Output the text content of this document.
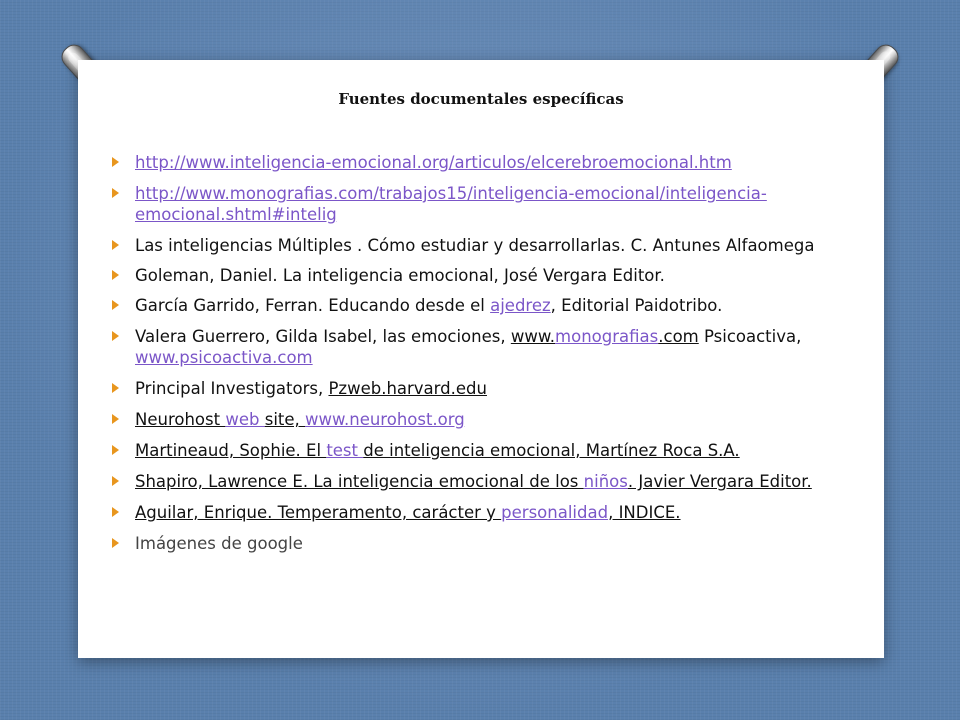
Fuentes documentales específicas
http://www.inteligencia-emocional.org/articulos/elcerebroemocional.htm
http://www.monografias.com/trabajos15/inteligencia-emocional/inteligencia-emocional.shtml#intelig
Las inteligencias Múltiples . Cómo estudiar y desarrollarlas. C. Antunes Alfaomega
Goleman, Daniel. La inteligencia emocional, José Vergara Editor.
García Garrido, Ferran. Educando desde el ajedrez, Editorial Paidotribo.
Valera Guerrero, Gilda Isabel, las emociones, www.monografias.com Psicoactiva, www.psicoactiva.com
Principal Investigators, Pzweb.harvard.edu
Neurohost web site, www.neurohost.org
Martineaud, Sophie. El test de inteligencia emocional, Martínez Roca S.A.
Shapiro, Lawrence E. La inteligencia emocional de los niños. Javier Vergara Editor.
Aguilar, Enrique. Temperamento, carácter y personalidad, INDICE.
Imágenes de google
